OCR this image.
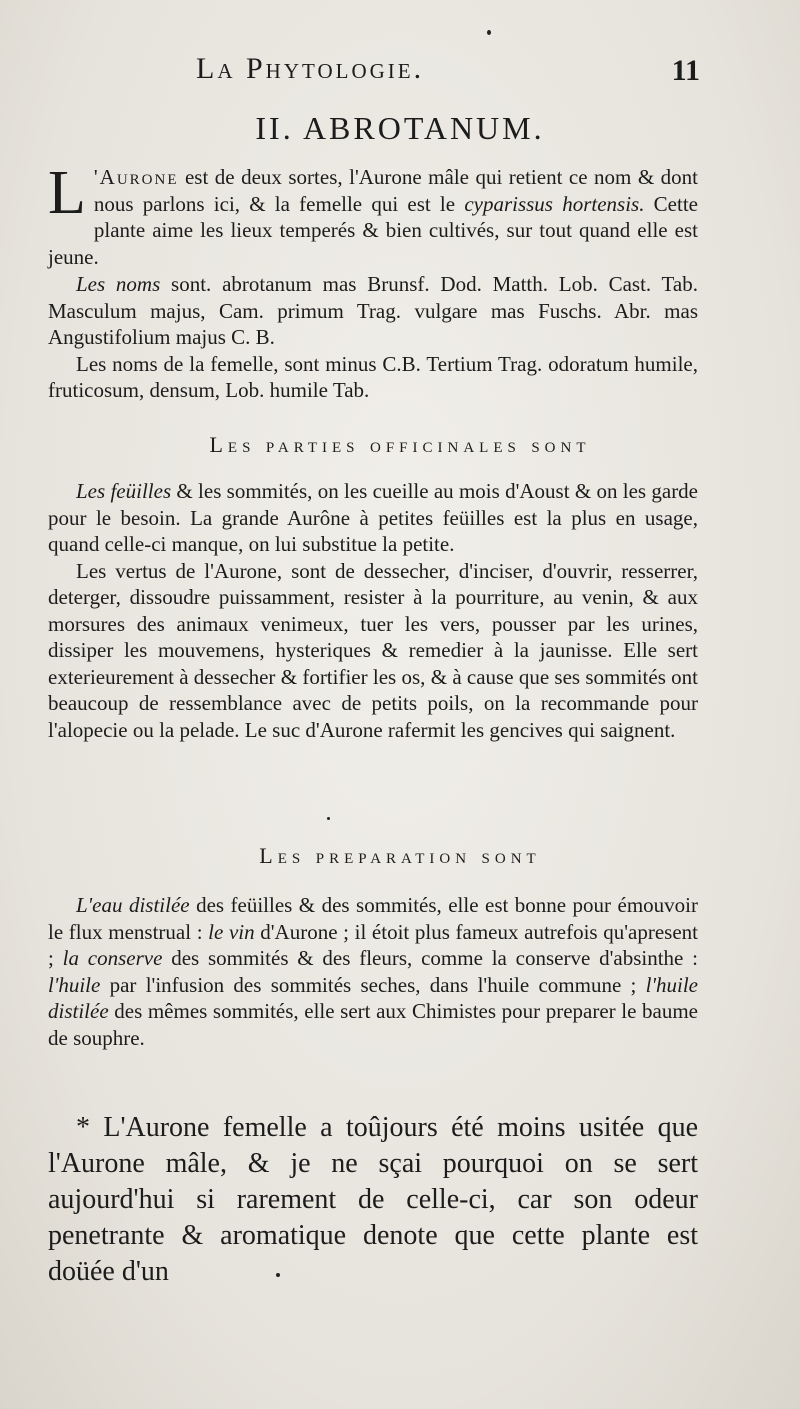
La Phytologie.	11
II. ABROTANUM.
L 'Aurone est de deux sortes, l'Aurone mâle qui retient ce nom & dont nous parlons ici, & la femelle qui est le cyparissus hortensis. Cette plante aime les lieux temperés & bien cultivés, sur tout quand elle est jeune.
Les noms sont. abrotanum mas Brunsf. Dod. Matth. Lob. Cast. Tab. Masculum majus, Cam. primum Trag. vulgare mas Fuschs. Abr. mas Angustifolium majus C. B.
Les noms de la femelle, sont minus C.B. Tertium Trag. odoratum humile, fruticosum, densum, Lob. humile Tab.
Les parties officinales sont
Les feüilles & les sommités, on les cueille au mois d'Aoust & on les garde pour le besoin. La grande Aurône à petites feüilles est la plus en usage, quand celle-ci manque, on lui substitue la petite.
Les vertus de l'Aurone, sont de dessecher, d'inciser, d'ouvrir, resserrer, deterger, dissoudre puissamment, resister à la pourriture, au venin, & aux morsures des animaux venimeux, tuer les vers, pousser par les urines, dissiper les mouvemens, hysteriques & remedier à la jaunisse. Elle sert exterieurement à dessecher & fortifier les os, & à cause que ses sommités ont beaucoup de ressemblance avec de petits poils, on la recommande pour l'alopecie ou la pelade. Le suc d'Aurone rafermit les gencives qui saignent.
Les preparation sont
L'eau distilée des feüilles & des sommités, elle est bonne pour émouvoir le flux menstrual : le vin d'Aurone ; il étoit plus fameux autrefois qu'apresent ; la conserve des sommités & des fleurs, comme la conserve d'absinthe : l'huile par l'infusion des sommités seches, dans l'huile commune ; l'huile distilée des mêmes sommités, elle sert aux Chimistes pour preparer le baume de souphre.
* L'Aurone femelle a toûjours été moins usitée que l'Aurone mâle, & je ne sçai pourquoi on se sert aujourd'hui si rarement de celle-ci, car son odeur penetrante & aromatique denote que cette plante est doüée d'un
